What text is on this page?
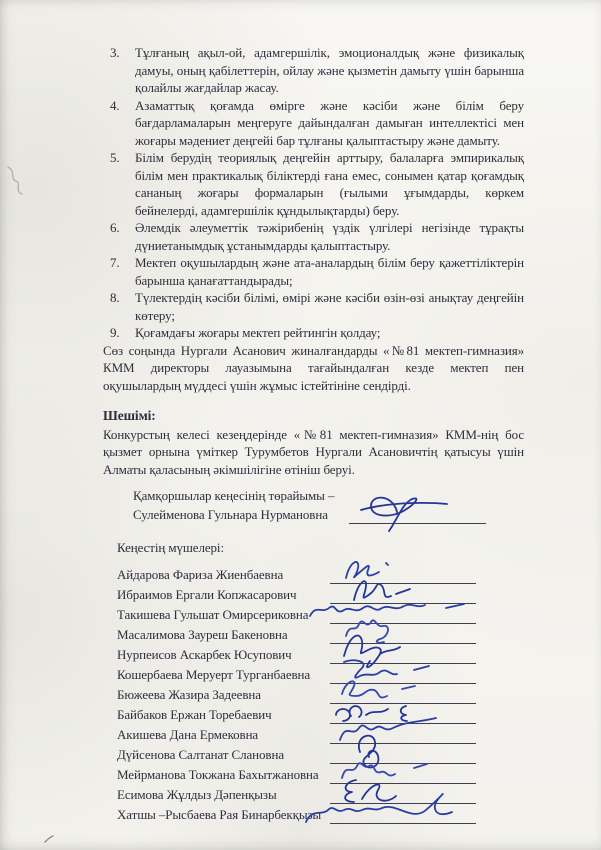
3.	Тұлғаның ақыл-ой, адамгершілік, эмоционалдық және физикалық дамуы, оның қабілеттерін, ойлау және қызметін дамыту үшін барынша қолайлы жағдайлар жасау.
4.	Азаматтық қоғамда өмірге және кәсіби және білім беру бағдарламаларын меңгеруге дайындалған дамыған интеллектісі мен жоғары мәдениет деңгейі бар тұлғаны қалыптастыру және дамыту.
5.	Білім берудің теориялық деңгейін арттыру, балаларға эмпирикалық білім мен практикалық біліктерді ғана емес, сонымен қатар қоғамдық сананың жоғары формаларын (ғылыми ұғымдарды, көркем бейнелерді, адамгершілік құндылықтарды) беру.
6.	Әлемдік әлеуметтік тәжірибенің үздік үлгілері негізінде тұрақты дүниетанымдық ұстанымдарды қалыптастыру.
7.	Мектеп оқушылардың және ата-аналардың білім беру қажеттіліктерін барынша қанағаттандырады;
8.	Түлектердің кәсіби білімі, өмірі және кәсіби өзін-өзі анықтау деңгейін көтеру;
9.	Қоғамдағы жоғары мектеп рейтингін қолдау;

Сөз соңында Нургали Асанович жиналғандарды «№81 мектеп-гимназия» КММ директоры лауазымына тағайындалған кезде мектеп пен оқушылардың мүддесі үшін жұмыс істейтініне сендірді.

Шешімі:

Конкурстың келесі кезеңдерінде «№81 мектеп-гимназия» КММ-нің бос қызмет орнына үміткер Турумбетов Нургали Асановичтің қатысуы үшін Алматы қаласының әкімшілігіне өтініш беруі.

Қамқоршылар кеңесінің төрайымы –
Сулейменова Гульнара Нурмановна
Кеңестің мүшелері:
Айдарова Фариза Жиенбаевна
Ибраимов Ергали Копжасарович
Такишева Гульшат Омирсериковна
Масалимова Зауреш Бакеновна
Нурпеисов Аскарбек Юсупович
Кошербаева Меруерт Турганбаевна
Бюжеева Жазира Задеевна
Байбаков Ержан Торебаевич
Акишева Дана Ермековна
Дүйсенова Салтанат Слановна
Мейрманова Токжана Бахытжановна
Есимова Жұлдыз Дәпенқызы
Хатшы –Рысбаева Рая Бинарбекқызы
